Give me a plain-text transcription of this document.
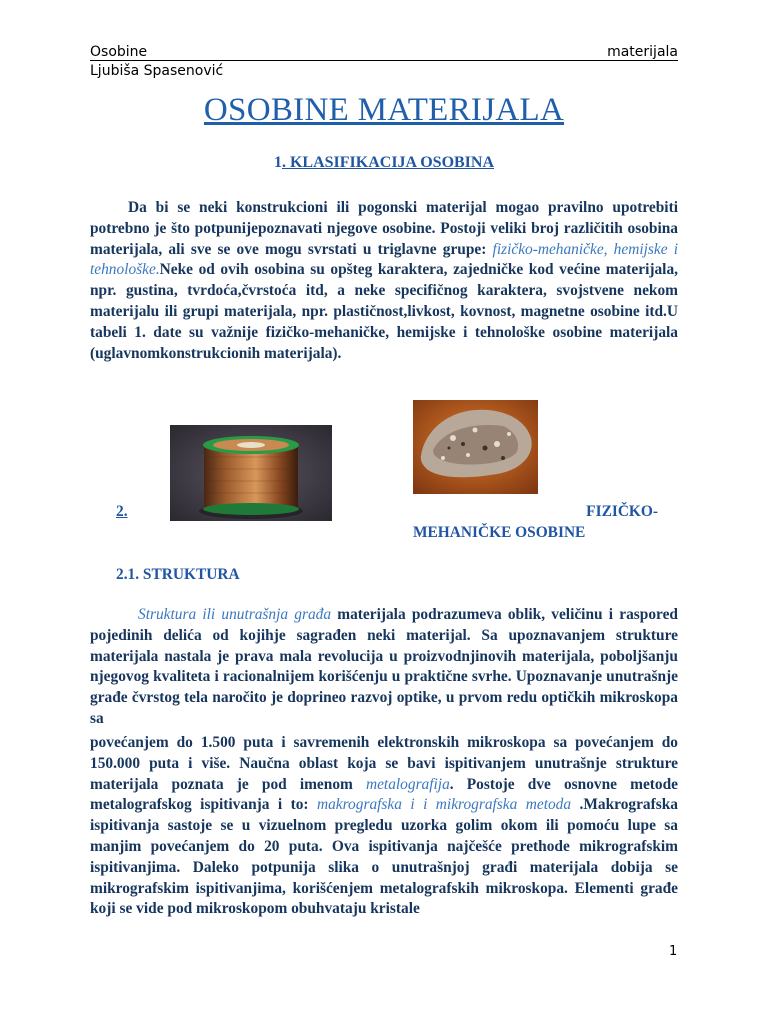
Osobine	materijala
Ljubiša Spasenović
OSOBINE MATERIJALA
1. KLASIFIKACIJA OSOBINA
Da bi se neki konstrukcioni ili pogonski materijal mogao pravilno upotrebiti potrebno je što potpunijepoznavati njegove osobine. Postoji veliki broj različitih osobina materijala, ali sve se ove mogu svrstati u triglavne grupe: fizičko-mehaničke, hemijske i tehnološke.Neke od ovih osobina su opšteg karaktera, zajedničke kod većine materijala, npr. gustina, tvrdoća,čvrstoća itd, a neke specifičnog karaktera, svojstvene nekom materijalu ili grupi materijala, npr. plastičnost,livkost, kovnost, magnetne osobine itd.U tabeli 1. date su važnije fizičko-mehaničke, hemijske i tehnološke osobine materijala (uglavnomkonstrukcionih materijala).
2.	FIZIČKO-
MEHANIČKE OSOBINE
2.1. STRUKTURA
Struktura ili unutrašnja građa materijala podrazumeva oblik, veličinu i raspored pojedinih delića od kojihje sagrađen neki materijal. Sa upoznavanjem strukture materijala nastala je prava mala revolucija u proizvodnjinovih materijala, poboljšanju njegovog kvaliteta i racionalnijem korišćenju u praktične svrhe. Upoznavanje unutrašnje građe čvrstog tela naročito je doprineo razvoj optike, u prvom redu optičkih mikroskopa sa
povećanjem do 1.500 puta i savremenih elektronskih mikroskopa sa povećanjem do 150.000 puta i više. Naučna oblast koja se bavi ispitivanjem unutrašnje strukture materijala poznata je pod imenom metalografija. Postoje dve osnovne metode metalografskog ispitivanja i to: makrografska i i mikrografska metoda .Makrografska ispitivanja sastoje se u vizuelnom pregledu uzorka golim okom ili pomoću lupe sa manjim povećanjem do 20 puta. Ova ispitivanja najčešće prethode mikrografskim ispitivanjima. Daleko potpunija slika o unutrašnjoj građi materijala dobija se mikrografskim ispitivanjima, korišćenjem metalografskih mikroskopa. Elementi građe koji se vide pod mikroskopom obuhvataju kristale
1
